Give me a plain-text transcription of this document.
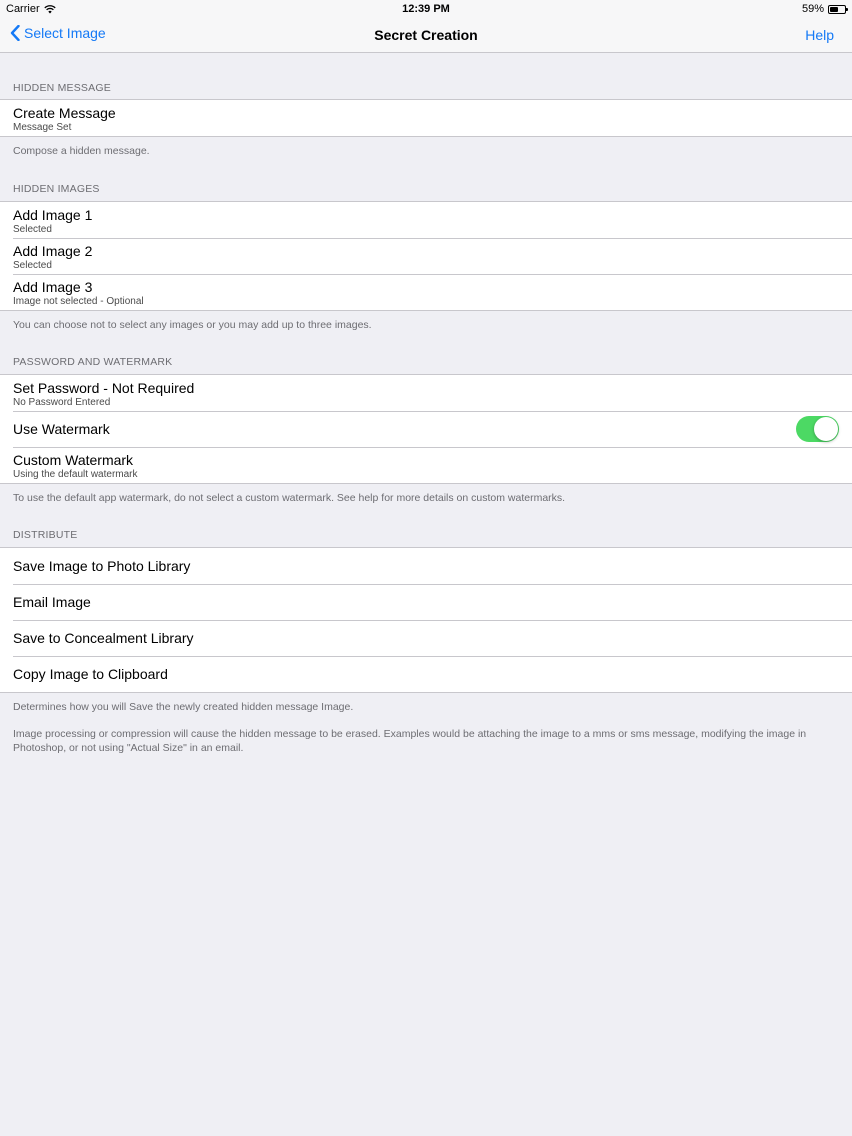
Carrier	12:39 PM	59%
Select Image	Secret Creation	Help
HIDDEN MESSAGE
Create Message
Message Set
Compose a hidden message.
HIDDEN IMAGES
Add Image 1
Selected
Add Image 2
Selected
Add Image 3
Image not selected - Optional
You can choose not to select any images or you may add up to three images.
PASSWORD AND WATERMARK
Set Password - Not Required
No Password Entered
Use Watermark
Custom Watermark
Using the default watermark
To use the default app watermark, do not select a custom watermark. See help for more details on custom watermarks.
DISTRIBUTE
Save Image to Photo Library
Email Image
Save to Concealment Library
Copy Image to Clipboard
Determines how you will Save the newly created hidden message Image.
Image processing or compression will cause the hidden message to be erased. Examples would be attaching the image to a mms or sms message, modifying the image in Photoshop, or not using "Actual Size" in an email.
